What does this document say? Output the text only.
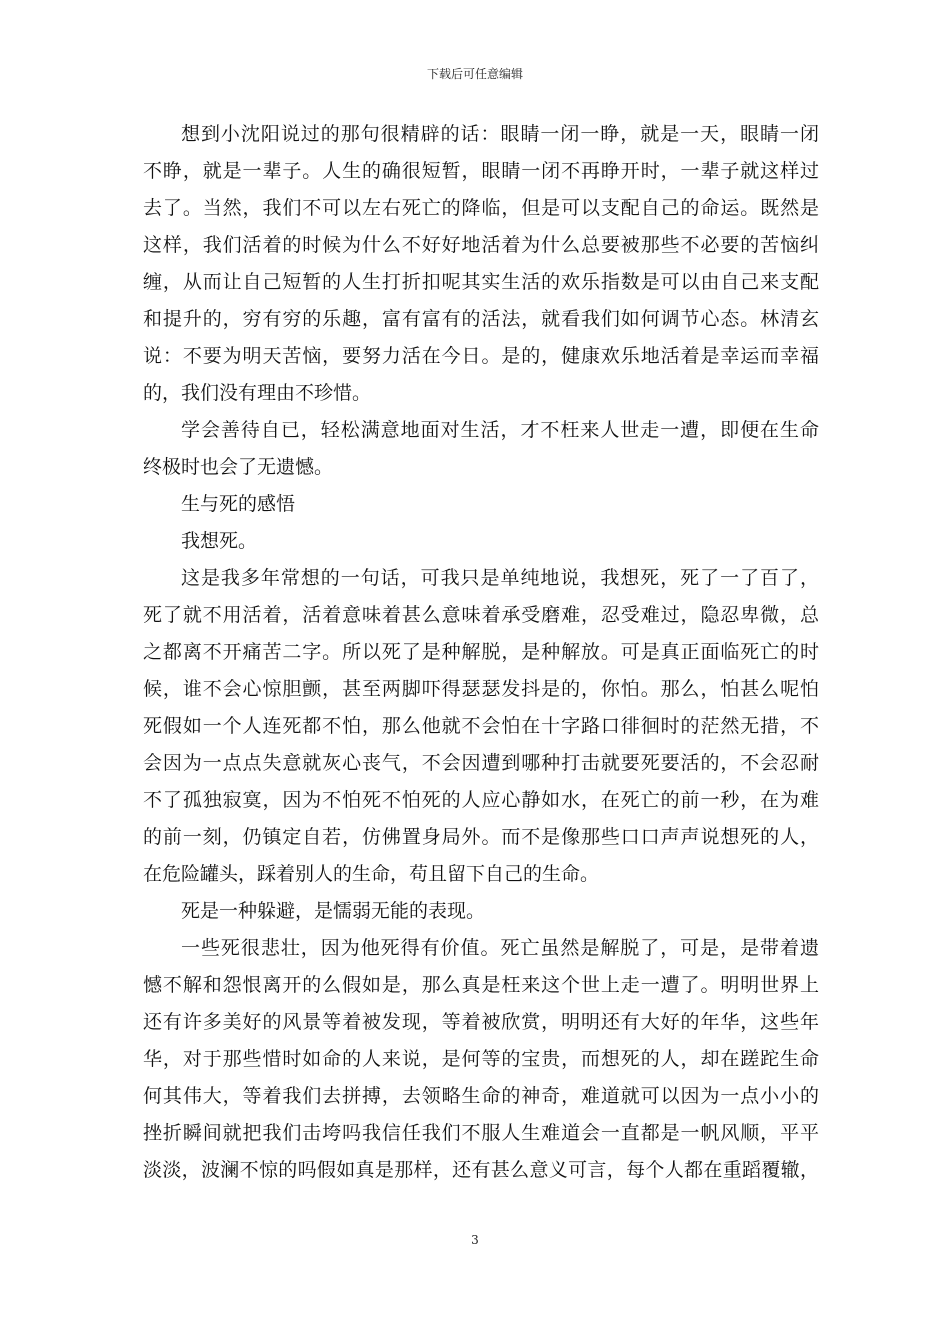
下载后可任意编辑
想到小沈阳说过的那句很精辟的话：眼睛一闭一睁，就是一天，眼睛一闭
不睁，就是一辈子。人生的确很短暂，眼睛一闭不再睁开时，一辈子就这样过
去了。当然，我们不可以左右死亡的降临，但是可以支配自己的命运。既然是
这样，我们活着的时候为什么不好好地活着为什么总要被那些不必要的苦恼纠
缠，从而让自己短暂的人生打折扣呢其实生活的欢乐指数是可以由自己来支配
和提升的，穷有穷的乐趣，富有富有的活法，就看我们如何调节心态。林清玄
说：不要为明天苦恼，要努力活在今日。是的，健康欢乐地活着是幸运而幸福
的，我们没有理由不珍惜。
学会善待自已，轻松满意地面对生活，才不枉来人世走一遭，即便在生命
终极时也会了无遗憾。
生与死的感悟
我想死。
这是我多年常想的一句话，可我只是单纯地说，我想死，死了一了百了，
死了就不用活着，活着意味着甚么意味着承受磨难，忍受难过，隐忍卑微，总
之都离不开痛苦二字。所以死了是种解脱，是种解放。可是真正面临死亡的时
候，谁不会心惊胆颤，甚至两脚吓得瑟瑟发抖是的，你怕。那么，怕甚么呢怕
死假如一个人连死都不怕，那么他就不会怕在十字路口徘徊时的茫然无措，不
会因为一点点失意就灰心丧气，不会因遭到哪种打击就要死要活的，不会忍耐
不了孤独寂寞，因为不怕死不怕死的人应心静如水，在死亡的前一秒，在为难
的前一刻，仍镇定自若，仿佛置身局外。而不是像那些口口声声说想死的人，
在危险罐头，踩着别人的生命，苟且留下自己的生命。
死是一种躲避，是懦弱无能的表现。
一些死很悲壮，因为他死得有价值。死亡虽然是解脱了，可是，是带着遗
憾不解和怨恨离开的么假如是，那么真是枉来这个世上走一遭了。明明世界上
还有许多美好的风景等着被发现，等着被欣赏，明明还有大好的年华，这些年
华，对于那些惜时如命的人来说，是何等的宝贵，而想死的人，却在蹉跎生命
何其伟大，等着我们去拼搏，去领略生命的神奇，难道就可以因为一点小小的
挫折瞬间就把我们击垮吗我信任我们不服人生难道会一直都是一帆风顺，平平
淡淡，波澜不惊的吗假如真是那样，还有甚么意义可言，每个人都在重蹈覆辙，
3
